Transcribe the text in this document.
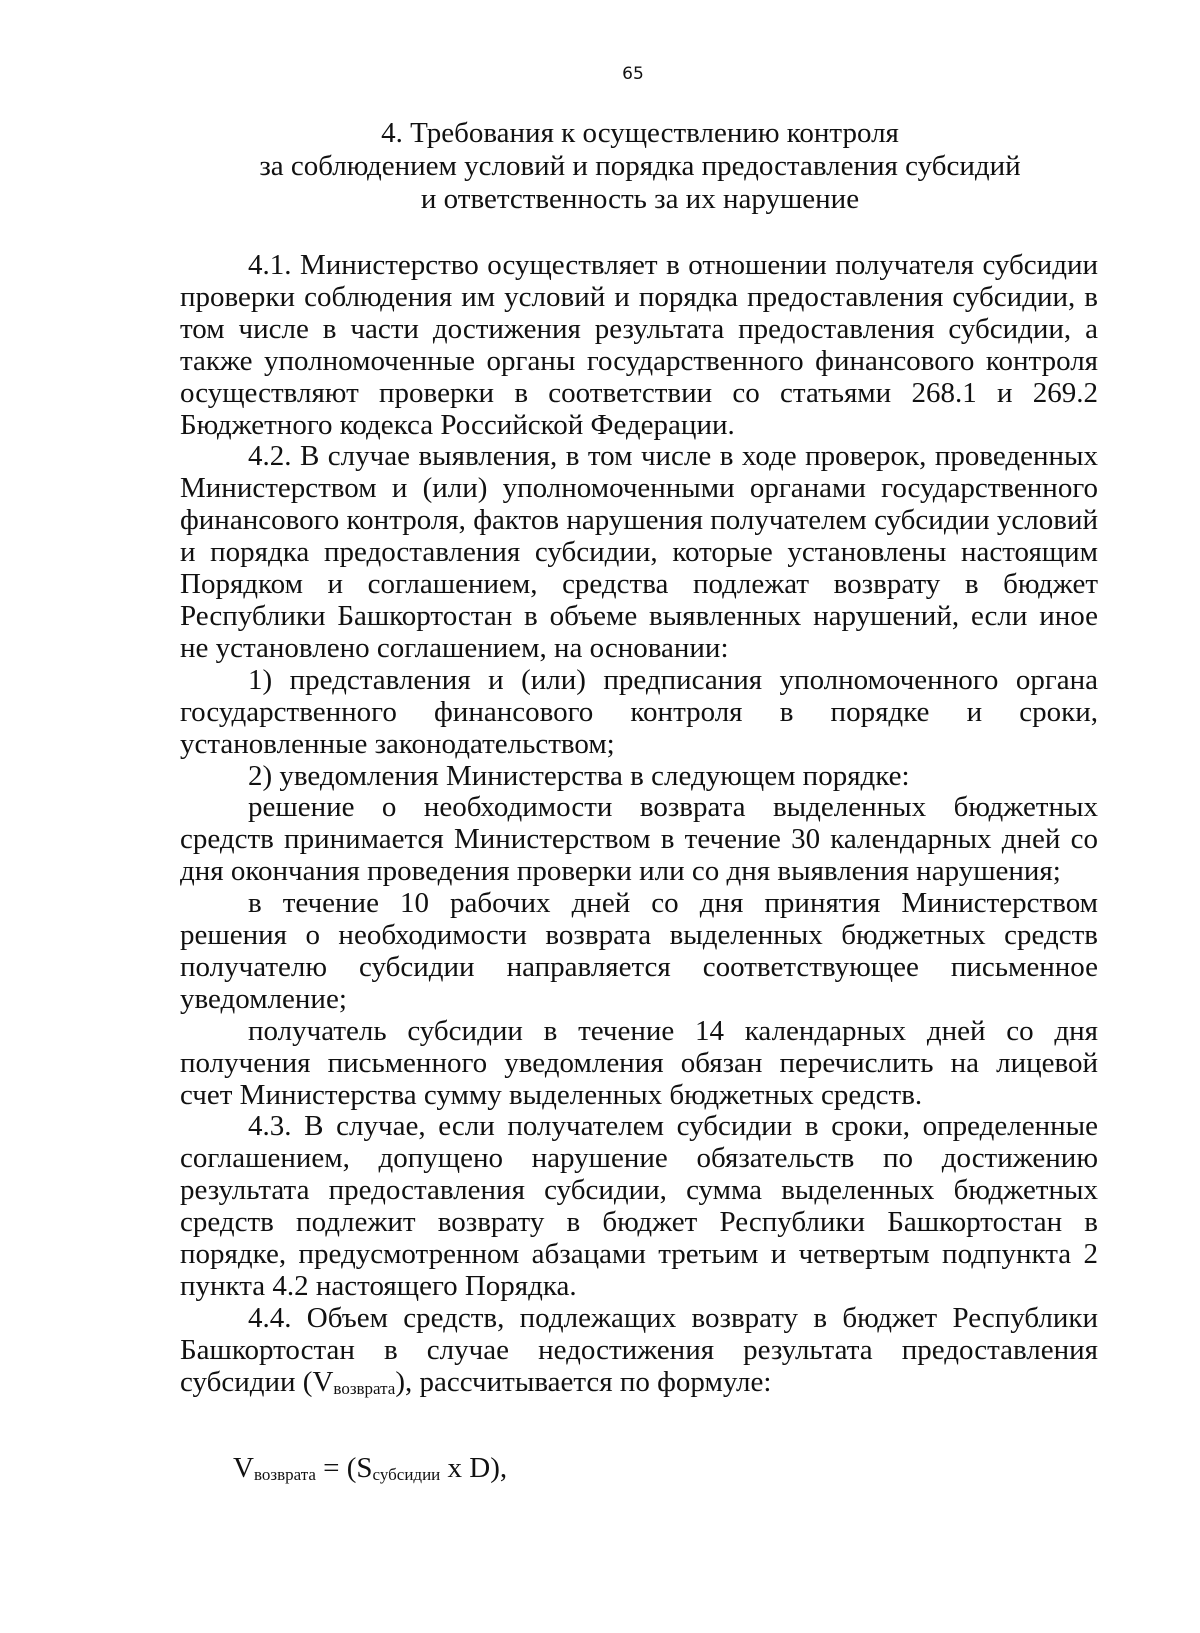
65
4. Требования к осуществлению контроля
за соблюдением условий и порядка предоставления субсидий
и ответственность за их нарушение

4.1. Министерство осуществляет в отношении получателя субсидии проверки соблюдения им условий и порядка предоставления субсидии, в том числе в части достижения результата предоставления субсидии, а также уполномоченные органы государственного финансового контроля осуществляют проверки в соответствии со статьями 268.1 и 269.2 Бюджетного кодекса Российской Федерации.

4.2. В случае выявления, в том числе в ходе проверок, проведенных Министерством и (или) уполномоченными органами государственного финансового контроля, фактов нарушения получателем субсидии условий и порядка предоставления субсидии, которые установлены настоящим Порядком и соглашением, средства подлежат возврату в бюджет Республики Башкортостан в объеме выявленных нарушений, если иное не установлено соглашением, на основании:

1) представления и (или) предписания уполномоченного органа государственного финансового контроля в порядке и сроки, установленные законодательством;

2) уведомления Министерства в следующем порядке:

решение о необходимости возврата выделенных бюджетных средств принимается Министерством в течение 30 календарных дней со дня окончания проведения проверки или со дня выявления нарушения;

в течение 10 рабочих дней со дня принятия Министерством решения о необходимости возврата выделенных бюджетных средств получателю субсидии направляется соответствующее письменное уведомление;

получатель субсидии в течение 14 календарных дней со дня получения письменного уведомления обязан перечислить на лицевой счет Министерства сумму выделенных бюджетных средств.

4.3. В случае, если получателем субсидии в сроки, определенные соглашением, допущено нарушение обязательств по достижению результата предоставления субсидии, сумма выделенных бюджетных средств подлежит возврату в бюджет Республики Башкортостан в порядке, предусмотренном абзацами третьим и четвертым подпункта 2 пункта 4.2 настоящего Порядка.

4.4. Объем средств, подлежащих возврату в бюджет Республики Башкортостан в случае недостижения результата предоставления субсидии (Vвозврата), рассчитывается по формуле:

$V_{возврата} = (S_{субсидии}$ x D),
